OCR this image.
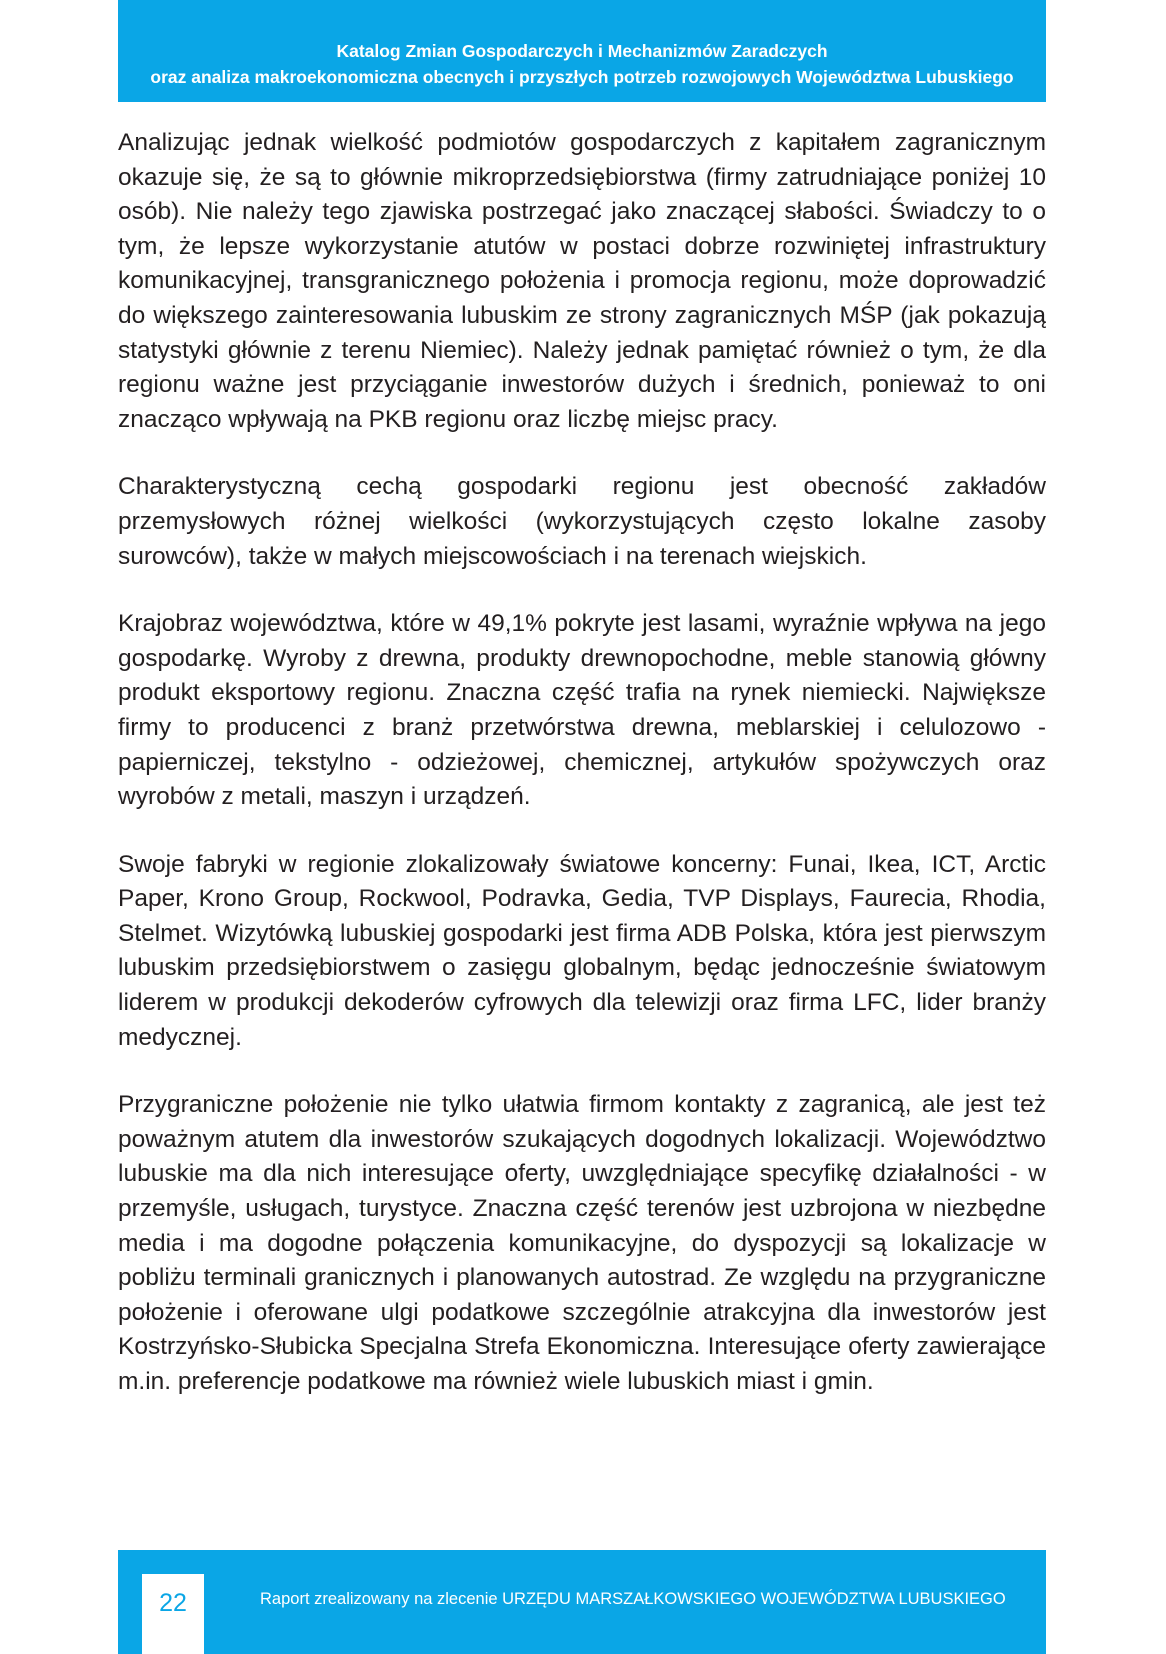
Katalog Zmian Gospodarczych i Mechanizmów Zaradczych
oraz analiza makroekonomiczna obecnych i przyszłych potrzeb rozwojowych Województwa Lubuskiego

Analizując jednak wielkość podmiotów gospodarczych z kapitałem zagranicznym okazuje się, że są to głównie mikroprzedsiębiorstwa (firmy zatrudniające poniżej 10 osób). Nie należy tego zjawiska postrzegać jako znaczącej słabości. Świadczy to o tym, że lepsze wykorzystanie atutów w postaci dobrze rozwiniętej infrastruktury komunikacyjnej, transgranicznego położenia i promocja regionu, może doprowadzić do większego zainteresowania lubuskim ze strony zagranicznych MŚP (jak pokazują statystyki głównie z terenu Niemiec). Należy jednak pamiętać również o tym, że dla regionu ważne jest przyciąganie inwestorów dużych i średnich, ponieważ to oni znacząco wpływają na PKB regionu oraz liczbę miejsc pracy.

Charakterystyczną cechą gospodarki regionu jest obecność zakładów przemysłowych różnej wielkości (wykorzystujących często lokalne zasoby surowców), także w małych miejscowościach i na terenach wiejskich.

Krajobraz województwa, które w 49,1% pokryte jest lasami, wyraźnie wpływa na jego gospodarkę. Wyroby z drewna, produkty drewnopochodne, meble stanowią główny produkt eksportowy regionu. Znaczna część trafia na rynek niemiecki. Największe firmy to producenci z branż przetwórstwa drewna, meblarskiej i celulozowo - papierniczej, tekstylno - odzieżowej, chemicznej, artykułów spożywczych oraz wyrobów z metali, maszyn i urządzeń.

Swoje fabryki w regionie zlokalizowały światowe koncerny: Funai, Ikea, ICT, Arctic Paper, Krono Group, Rockwool, Podravka, Gedia, TVP Displays, Faurecia, Rhodia, Stelmet. Wizytówką lubuskiej gospodarki jest firma ADB Polska, która jest pierwszym lubuskim przedsiębiorstwem o zasięgu globalnym, będąc jednocześnie światowym liderem w produkcji dekoderów cyfrowych dla telewizji oraz firma LFC, lider branży medycznej.

Przygraniczne położenie nie tylko ułatwia firmom kontakty z zagranicą, ale jest też poważnym atutem dla inwestorów szukających dogodnych lokalizacji. Województwo lubuskie ma dla nich interesujące oferty, uwzględniające specyfikę działalności - w przemyśle, usługach, turystyce. Znaczna część terenów jest uzbrojona w niezbędne media i ma dogodne połączenia komunikacyjne, do dyspozycji są lokalizacje w pobliżu terminali granicznych i planowanych autostrad. Ze względu na przygraniczne położenie i oferowane ulgi podatkowe szczególnie atrakcyjna dla inwestorów jest Kostrzyńsko-Słubicka Specjalna Strefa Ekonomiczna. Interesujące oferty zawierające m.in. preferencje podatkowe ma również wiele lubuskich miast i gmin.

22	Raport zrealizowany na zlecenie URZĘDU MARSZAŁKOWSKIEGO WOJEWÓDZTWA LUBUSKIEGO
